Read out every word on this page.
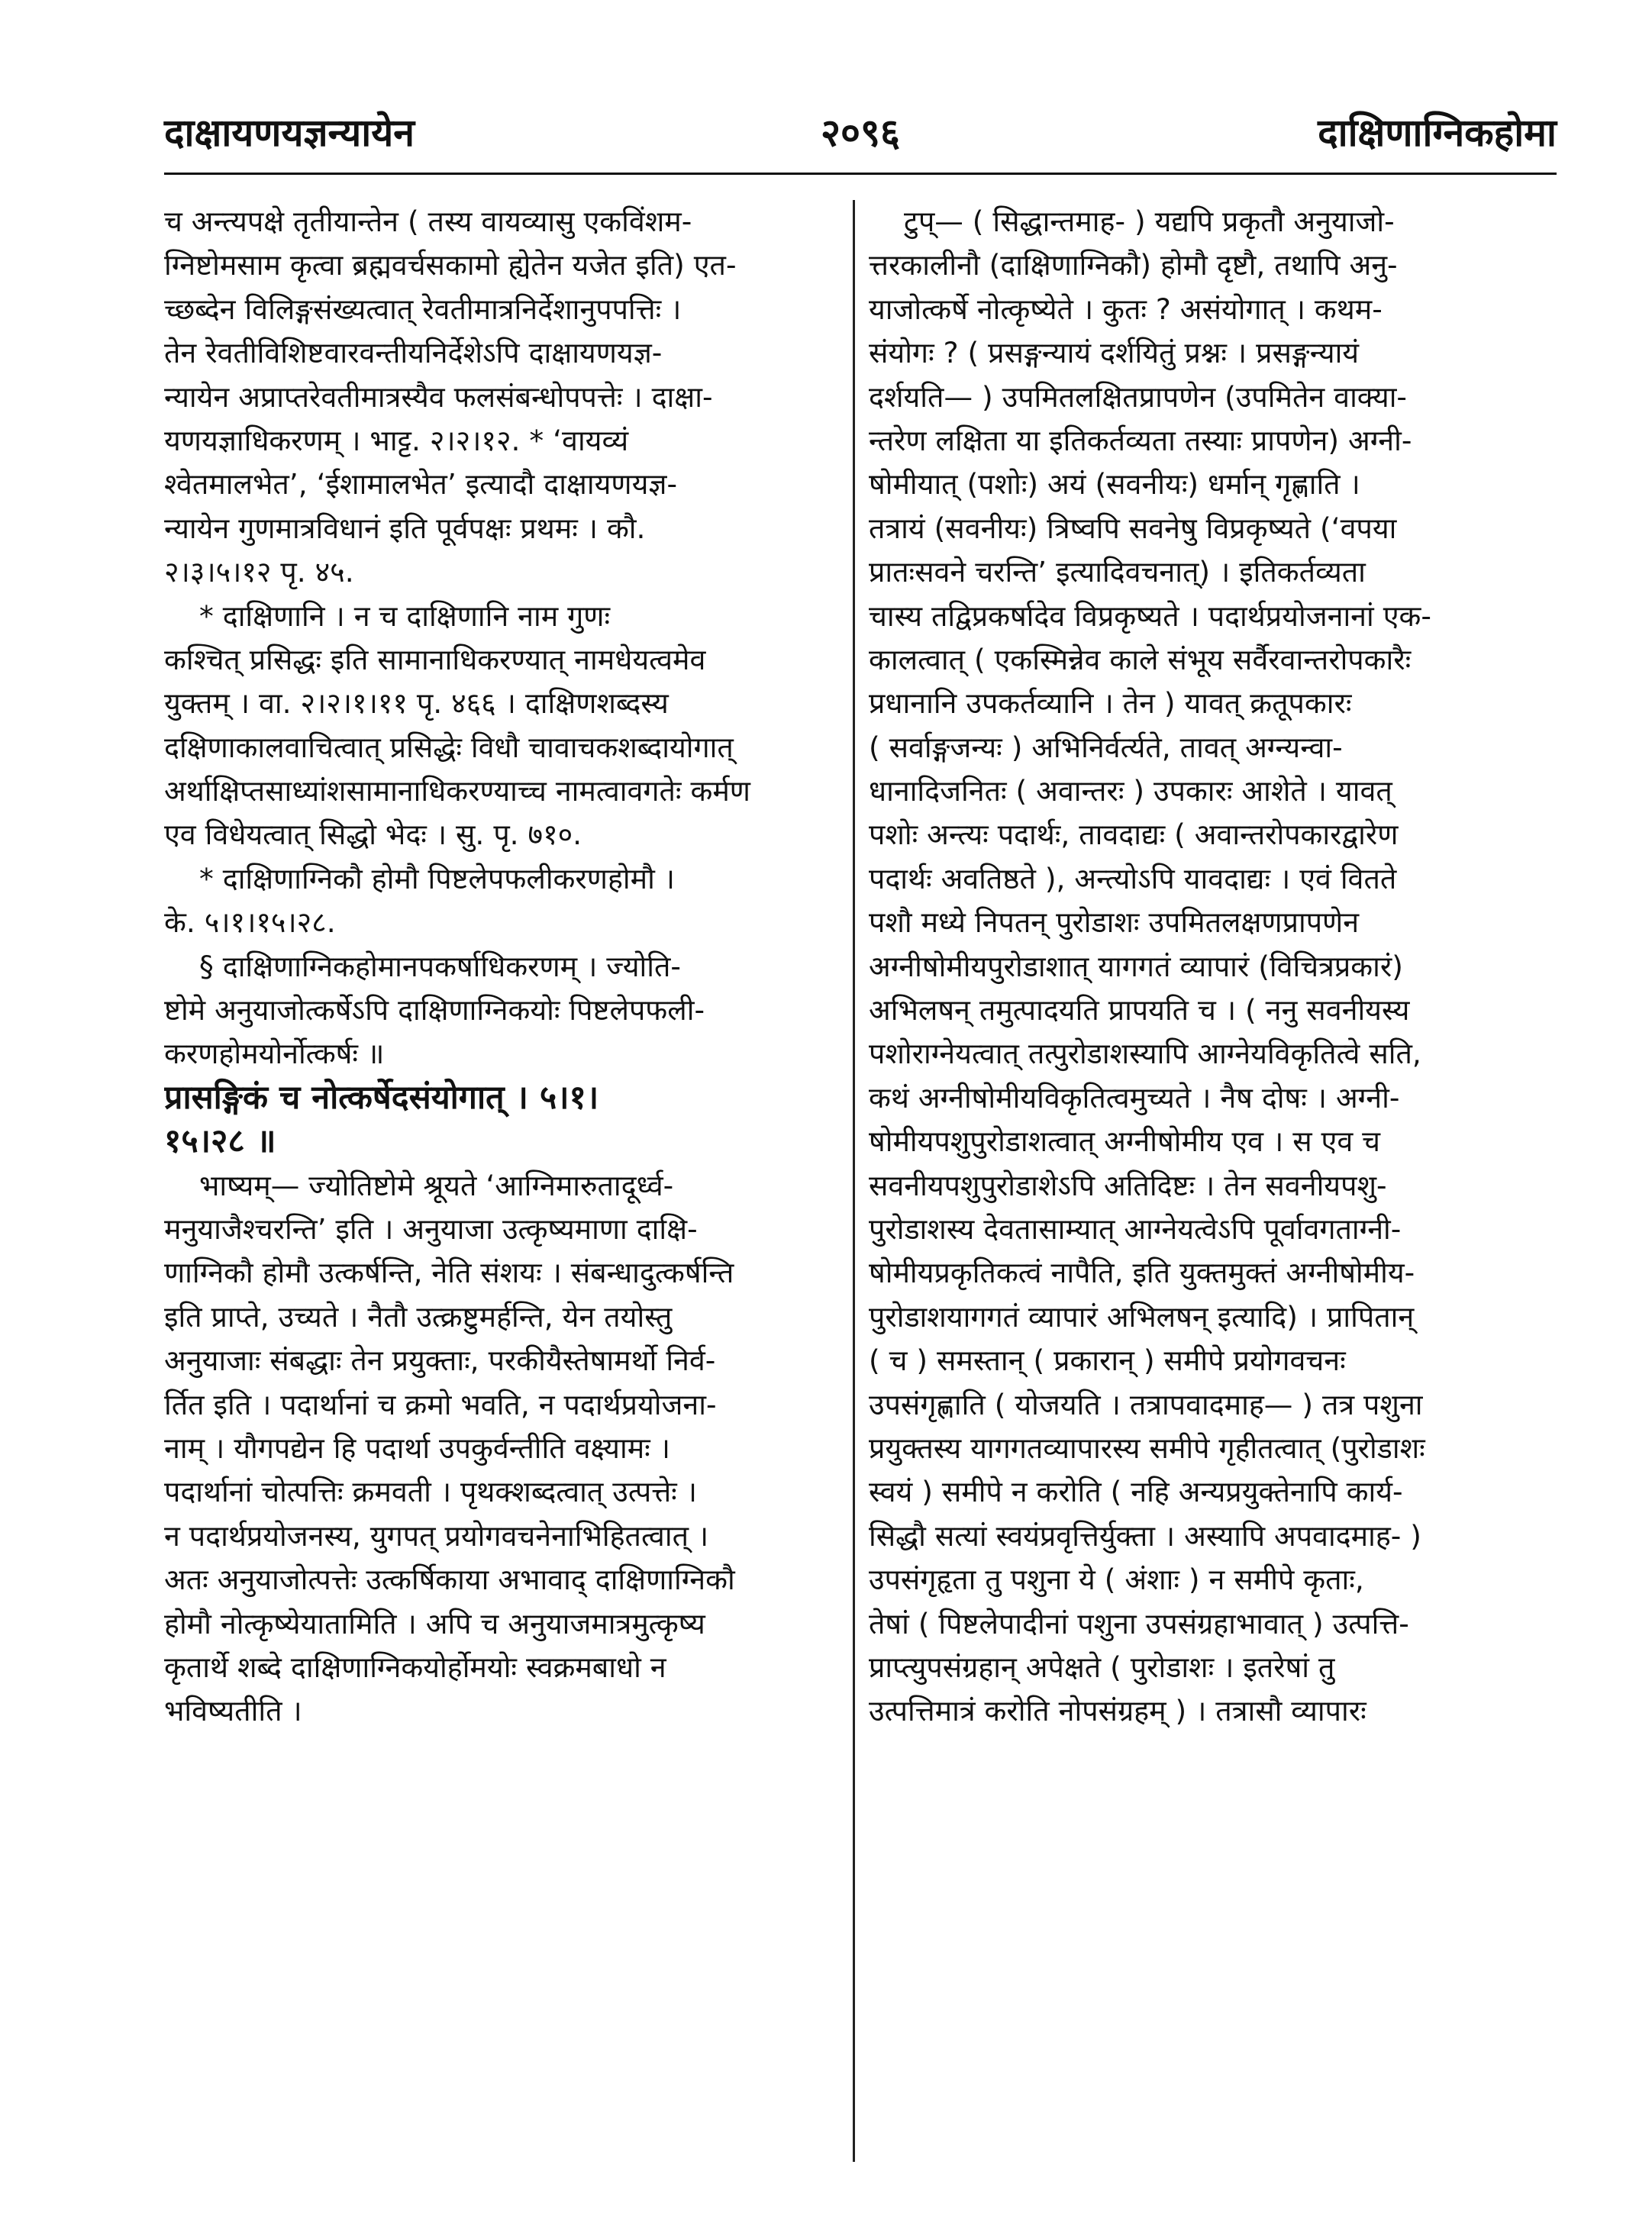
दाक्षायणयज्ञन्यायेन	२०९६	दाक्षिणाग्निकहोमा
च अन्त्यपक्षे तृतीयान्तेन ( तस्य वायव्यासु एकविंशम-
ग्निष्टोमसाम कृत्वा ब्रह्मवर्चसकामो ह्येतेन यजेत इति) एत-
च्छब्देन विलिङ्गसंख्यत्वात् रेवतीमात्रनिर्देशानुपपत्तिः ।
तेन रेवतीविशिष्टवारवन्तीयनिर्देशेऽपि दाक्षायणयज्ञ-
न्यायेन अप्राप्तरेवतीमात्रस्यैव फलसंबन्धोपपत्तेः । दाक्षा-
यणयज्ञाधिकरणम् । भाट्ट. २।२।१२. * ‘वायव्यं
श्वेतमालभेत’, ‘ईशामालभेत’ इत्यादौ दाक्षायणयज्ञ-
न्यायेन गुणमात्रविधानं इति पूर्वपक्षः प्रथमः । कौ.
२।३।५।१२ पृ. ४५.
* दाक्षिणानि । न च दाक्षिणानि नाम गुणः
कश्चित् प्रसिद्धः इति सामानाधिकरण्यात् नामधेयत्वमेव
युक्तम् । वा. २।२।१।११ पृ. ४६६ । दाक्षिणशब्दस्य
दक्षिणाकालवाचित्वात् प्रसिद्धेः विधौ चावाचकशब्दायोगात्
अर्थाक्षिप्तसाध्यांशसामानाधिकरण्याच्च नामत्वावगतेः कर्मण
एव विधेयत्वात् सिद्धो भेदः । सु. पृ. ७१०.
* दाक्षिणाग्निकौ होमौ पिष्टलेपफलीकरणहोमौ ।
के. ५।१।१५।२८.
§ दाक्षिणाग्निकहोमानपकर्षाधिकरणम् । ज्योति-
ष्टोमे अनुयाजोत्कर्षेऽपि दाक्षिणाग्निकयोः पिष्टलेपफली-
करणहोमयोर्नोत्कर्षः ॥
प्रासङ्गिकं च नोत्कर्षेदसंयोगात् । ५।१।
१५।२८ ॥
भाष्यम्— ज्योतिष्टोमे श्रूयते ‘आग्निमारुतादूर्ध्व-
मनुयाजैश्चरन्ति’ इति । अनुयाजा उत्कृष्यमाणा दाक्षि-
णाग्निकौ होमौ उत्कर्षन्ति, नेति संशयः । संबन्धादुत्कर्षन्ति
इति प्राप्ते, उच्यते । नैतौ उत्क्रष्टुमर्हन्ति, येन तयोस्तु
अनुयाजाः संबद्धाः तेन प्रयुक्ताः, परकीयैस्तेषामर्थो निर्व-
र्तित इति । पदार्थानां च क्रमो भवति, न पदार्थप्रयोजना-
नाम् । यौगपद्येन हि पदार्था उपकुर्वन्तीति वक्ष्यामः ।
पदार्थानां चोत्पत्तिः क्रमवती । पृथक्शब्दत्वात् उत्पत्तेः ।
न पदार्थप्रयोजनस्य, युगपत् प्रयोगवचनेनाभिहितत्वात् ।
अतः अनुयाजोत्पत्तेः उत्कर्षिकाया अभावाद् दाक्षिणाग्निकौ
होमौ नोत्कृष्येयातामिति । अपि च अनुयाजमात्रमुत्कृष्य
कृतार्थे शब्दे दाक्षिणाग्निकयोर्होमयोः स्वक्रमबाधो न
भविष्यतीति ।
टुप्— ( सिद्धान्तमाह- ) यद्यपि प्रकृतौ अनुयाजो-
त्तरकालीनौ (दाक्षिणाग्निकौ) होमौ दृष्टौ, तथापि अनु-
याजोत्कर्षे नोत्कृष्येते । कुतः ? असंयोगात् । कथम-
संयोगः ? ( प्रसङ्गन्यायं दर्शयितुं प्रश्नः । प्रसङ्गन्यायं
दर्शयति— ) उपमितलक्षितप्रापणेन (उपमितेन वाक्या-
न्तरेण लक्षिता या इतिकर्तव्यता तस्याः प्रापणेन) अग्नी-
षोमीयात् (पशोः) अयं (सवनीयः) धर्मान् गृह्णाति ।
तत्रायं (सवनीयः) त्रिष्वपि सवनेषु विप्रकृष्यते (‘वपया
प्रातःसवने चरन्ति’ इत्यादिवचनात्) । इतिकर्तव्यता
चास्य तद्विप्रकर्षादेव विप्रकृष्यते । पदार्थप्रयोजनानां एक-
कालत्वात् ( एकस्मिन्नेव काले संभूय सर्वैरवान्तरोपकारैः
प्रधानानि उपकर्तव्यानि । तेन ) यावत् क्रतूपकारः
( सर्वाङ्गजन्यः ) अभिनिर्वर्त्यते, तावत् अग्न्यन्वा-
धानादिजनितः ( अवान्तरः ) उपकारः आशेते । यावत्
पशोः अन्त्यः पदार्थः, तावदाद्यः ( अवान्तरोपकारद्वारेण
पदार्थः अवतिष्ठते ), अन्त्योऽपि यावदाद्यः । एवं वितते
पशौ मध्ये निपतन् पुरोडाशः उपमितलक्षणप्रापणेन
अग्नीषोमीयपुरोडाशात् यागगतं व्यापारं (विचित्रप्रकारं)
अभिलषन् तमुत्पादयति प्रापयति च । ( ननु सवनीयस्य
पशोराग्नेयत्वात् तत्पुरोडाशस्यापि आग्नेयविकृतित्वे सति,
कथं अग्नीषोमीयविकृतित्वमुच्यते । नैष दोषः । अग्नी-
षोमीयपशुपुरोडाशत्वात् अग्नीषोमीय एव । स एव च
सवनीयपशुपुरोडाशेऽपि अतिदिष्टः । तेन सवनीयपशु-
पुरोडाशस्य देवतासाम्यात् आग्नेयत्वेऽपि पूर्वावगताग्नी-
षोमीयप्रकृतिकत्वं नापैति, इति युक्तमुक्तं अग्नीषोमीय-
पुरोडाशयागगतं व्यापारं अभिलषन् इत्यादि) । प्रापितान्
( च ) समस्तान् ( प्रकारान् ) समीपे प्रयोगवचनः
उपसंगृह्णाति ( योजयति । तत्रापवादमाह— ) तत्र पशुना
प्रयुक्तस्य यागगतव्यापारस्य समीपे गृहीतत्वात् (पुरोडाशः
स्वयं ) समीपे न करोति ( नहि अन्यप्रयुक्तेनापि कार्य-
सिद्धौ सत्यां स्वयंप्रवृत्तिर्युक्ता । अस्यापि अपवादमाह- )
उपसंगृहृता तु पशुना ये ( अंशाः ) न समीपे कृताः,
तेषां ( पिष्टलेपादीनां पशुना उपसंग्रहाभावात् ) उत्पत्ति-
प्राप्त्युपसंग्रहान् अपेक्षते ( पुरोडाशः । इतरेषां तु
उत्पत्तिमात्रं करोति नोपसंग्रहम् ) । तत्रासौ व्यापारः
